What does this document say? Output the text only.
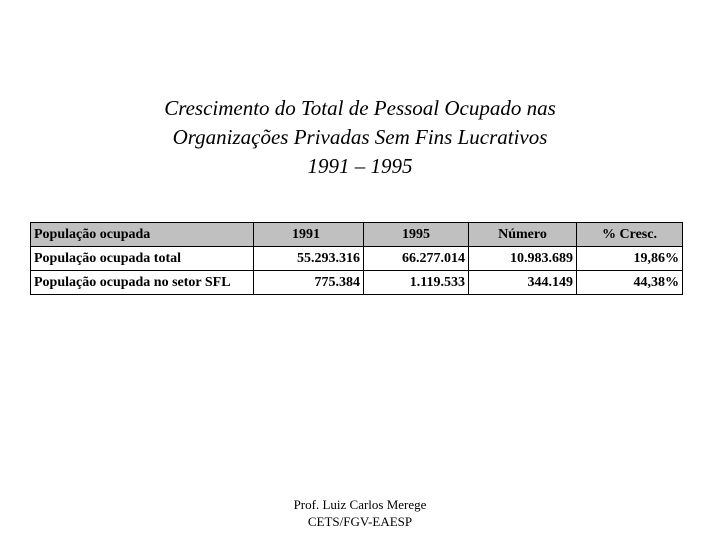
Crescimento do Total de Pessoal Ocupado nas
Organizações Privadas Sem Fins Lucrativos
1991 – 1995
População ocupada	1991	1995	Número	% Cresc.
População ocupada total	55.293.316	66.277.014	10.983.689	19,86%
População ocupada no setor SFL	775.384	1.119.533	344.149	44,38%
Prof. Luiz Carlos Merege
CETS/FGV-EAESP
